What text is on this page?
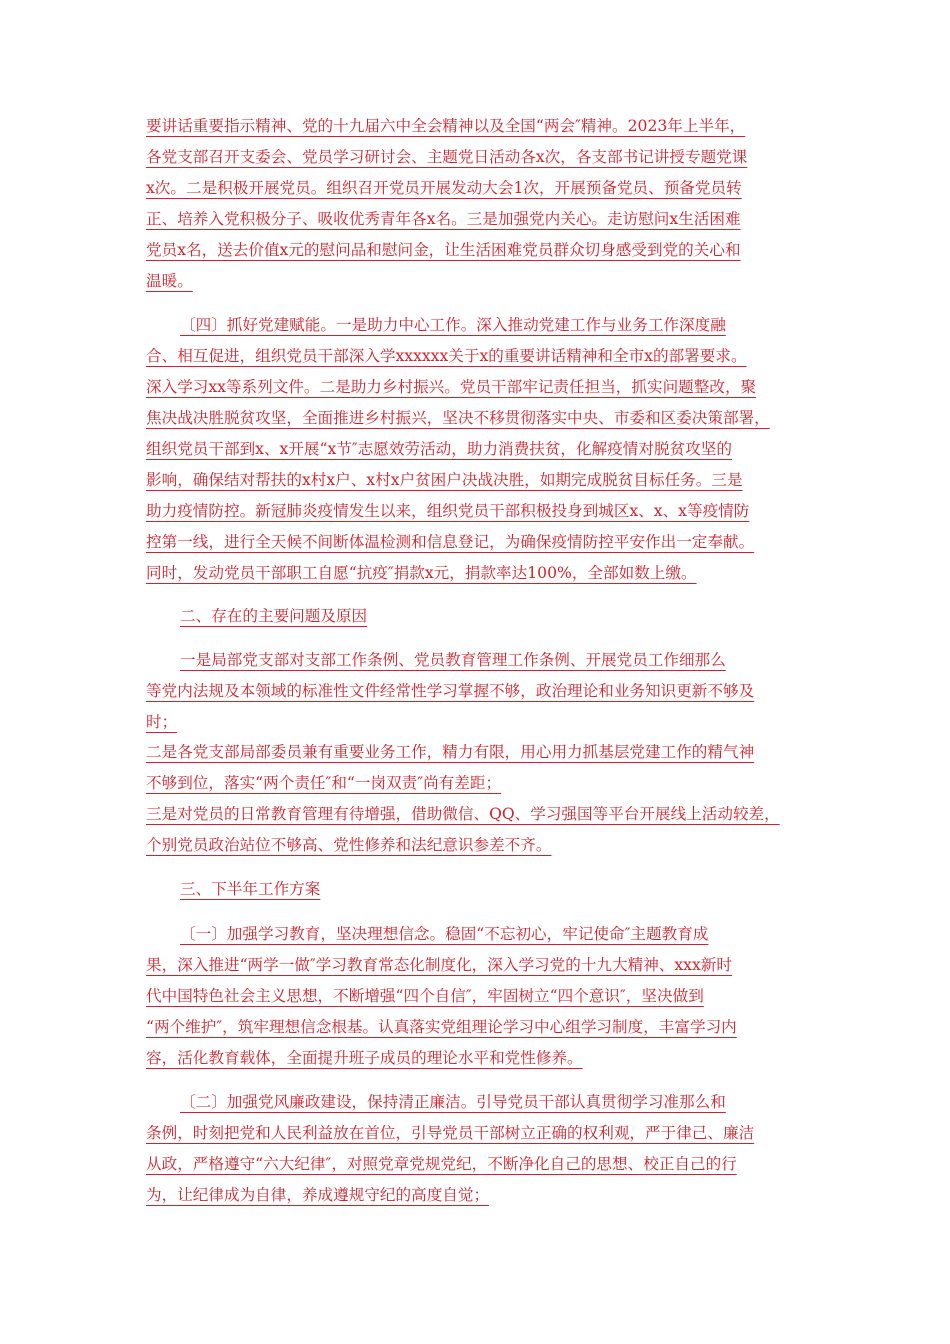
要讲话重要指示精神、党的十九届六中全会精神以及全国“两会″精神。2023年上半年，
各党支部召开支委会、党员学习研讨会、主题党日活动各x次，各支部书记讲授专题党课
x次。二是积极开展党员。组织召开党员开展发动大会1次，开展预备党员、预备党员转
正、培养入党积极分子、吸收优秀青年各x名。三是加强党内关心。走访慰问x生活困难
党员x名，送去价值x元的慰问品和慰问金，让生活困难党员群众切身感受到党的关心和
温暖。
〔四〕抓好党建赋能。一是助力中心工作。深入推动党建工作与业务工作深度融
合、相互促进，组织党员干部深入学xxxxxx关于x的重要讲话精神和全市x的部署要求。
深入学习xx等系列文件。二是助力乡村振兴。党员干部牢记责任担当，抓实问题整改，聚
焦决战决胜脱贫攻坚，全面推进乡村振兴，坚决不移贯彻落实中央、市委和区委决策部署，
组织党员干部到x、x开展“x节″志愿效劳活动，助力消费扶贫，化解疫情对脱贫攻坚的
影响，确保结对帮扶的x村x户、x村x户贫困户决战决胜，如期完成脱贫目标任务。三是
助力疫情防控。新冠肺炎疫情发生以来，组织党员干部积极投身到城区x、x、x等疫情防
控第一线，进行全天候不间断体温检测和信息登记，为确保疫情防控平安作出一定奉献。
同时，发动党员干部职工自愿“抗疫″捐款x元，捐款率达100%，全部如数上缴。
二、存在的主要问题及原因
一是局部党支部对支部工作条例、党员教育管理工作条例、开展党员工作细那么
等党内法规及本领域的标准性文件经常性学习掌握不够，政治理论和业务知识更新不够及
时；
二是各党支部局部委员兼有重要业务工作，精力有限，用心用力抓基层党建工作的精气神
不够到位，落实“两个责任″和“一岗双责″尚有差距；
三是对党员的日常教育管理有待增强，借助微信、QQ、学习强国等平台开展线上活动较差，
个别党员政治站位不够高、党性修养和法纪意识参差不齐。
三、下半年工作方案
〔一〕加强学习教育，坚决理想信念。稳固“不忘初心，牢记使命″主题教育成
果，深入推进“两学一做″学习教育常态化制度化，深入学习党的十九大精神、xxx新时
代中国特色社会主义思想，不断增强“四个自信″，牢固树立“四个意识″，坚决做到
“两个维护″，筑牢理想信念根基。认真落实党组理论学习中心组学习制度，丰富学习内
容，活化教育载体，全面提升班子成员的理论水平和党性修养。
〔二〕加强党风廉政建设，保持清正廉洁。引导党员干部认真贯彻学习准那么和
条例，时刻把党和人民利益放在首位，引导党员干部树立正确的权利观，严于律己、廉洁
从政，严格遵守“六大纪律″，对照党章党规党纪，不断净化自己的思想、校正自己的行
为，让纪律成为自律，养成遵规守纪的高度自觉；
